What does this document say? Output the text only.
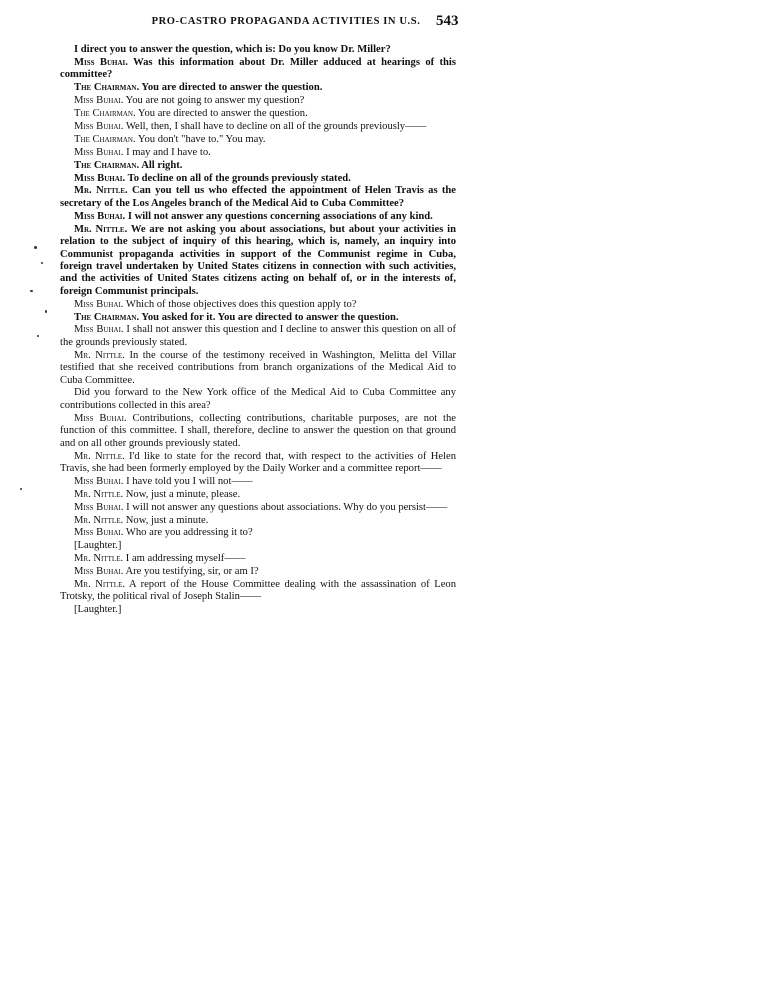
PRO-CASTRO PROPAGANDA ACTIVITIES IN U.S.	543

I direct you to answer the question, which is: Do you know Dr. Miller?

Miss Buhai. Was this information about Dr. Miller adduced at hearings of this committee?

The Chairman. You are directed to answer the question.

Miss Buhai. You are not going to answer my question?

The Chairman. You are directed to answer the question.

Miss Buhai. Well, then, I shall have to decline on all of the grounds previously——

The Chairman. You don't "have to." You may.

Miss Buhai. I may and I have to.

The Chairman. All right.

Miss Buhai. To decline on all of the grounds previously stated.

Mr. Nittle. Can you tell us who effected the appointment of Helen Travis as the secretary of the Los Angeles branch of the Medical Aid to Cuba Committee?

Miss Buhai. I will not answer any questions concerning associations of any kind.

Mr. Nittle. We are not asking you about associations, but about your activities in relation to the subject of inquiry of this hearing, which is, namely, an inquiry into Communist propaganda activities in support of the Communist regime in Cuba, foreign travel undertaken by United States citizens in connection with such activities, and the activities of United States citizens acting on behalf of, or in the interests of, foreign Communist principals.

Miss Buhai. Which of those objectives does this question apply to?

The Chairman. You asked for it. You are directed to answer the question.

Miss Buhai. I shall not answer this question and I decline to answer this question on all of the grounds previously stated.

Mr. Nittle. In the course of the testimony received in Washington, Melitta del Villar testified that she received contributions from branch organizations of the Medical Aid to Cuba Committee.

Did you forward to the New York office of the Medical Aid to Cuba Committee any contributions collected in this area?

Miss Buhai. Contributions, collecting contributions, charitable purposes, are not the function of this committee. I shall, therefore, decline to answer the question on that ground and on all other grounds previously stated.

Mr. Nittle. I'd like to state for the record that, with respect to the activities of Helen Travis, she had been formerly employed by the Daily Worker and a committee report——

Miss Buhai. I have told you I will not——

Mr. Nittle. Now, just a minute, please.

Miss Buhai. I will not answer any questions about associations. Why do you persist——

Mr. Nittle. Now, just a minute.

Miss Buhai. Who are you addressing it to?

[Laughter.]

Mr. Nittle. I am addressing myself——

Miss Buhai. Are you testifying, sir, or am I?

Mr. Nittle. A report of the House Committee dealing with the assassination of Leon Trotsky, the political rival of Joseph Stalin——

[Laughter.]
